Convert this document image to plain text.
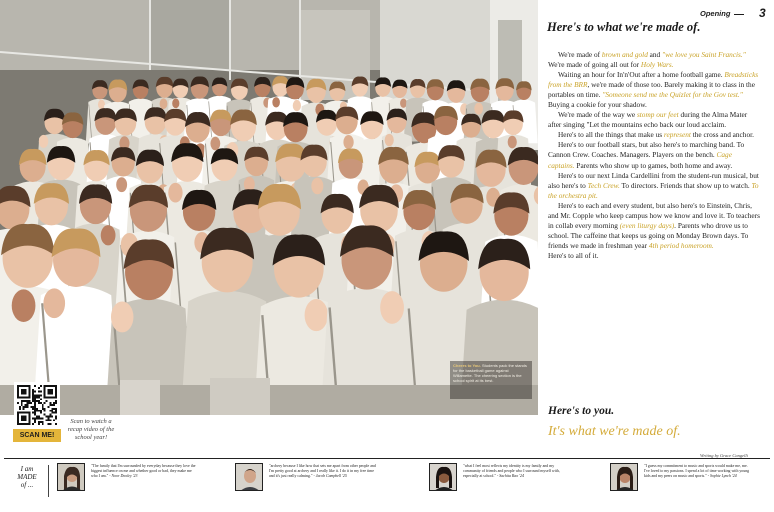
Cheers to You. Students pack the stands for the basketball game against Willamette. The cheering section is the school spirit at its best.
SCAN ME!
Scan to watch a recap video of the school year!
Opening	3
Here's to what we're made of.

We're made of brown and gold and "we love you Saint Francis." We're made of going all out for Holy Wars.

Waiting an hour for In'n'Out after a home football game. Breadsticks from the BRR, we're made of those too. Barely making it to class in the portables on time. "Someone send me the Quizlet for the Gov test." Buying a cookie for your shadow.

We're made of the way we stomp our feet during the Alma Mater after singing "Let the mountains echo back our loud acclaim.

Here's to all the things that make us represent the cross and anchor.

Here's to our football stars, but also here's to marching band. To Cannon Crew. Coaches. Managers. Players on the bench. Cage captains. Parents who show up to games, both home and away.

Here's to our next Linda Cardellini from the student-run musical, but also here's to Tech Crew. To directors. Friends that show up to watch. To the orchestra pit.

Here's to each and every student, but also here's to Einstein, Chris, and Mr. Copple who keep campus how we know and love it. To teachers in collab every morning (even liturgy days). Parents who drove us to school. The caffeine that keeps us going on Monday Brown days. To friends we made in freshman year 4th period homeroom.

Here's to all of it.

Here's to you.
It's what we're made of.
Writing by Grace Cangelli
I am
MADE
of ...
"The family that I'm surrounded by everyday because they love the biggest influence on me and whether good or bad, they make me who I am." - Noor Dooley '23
"archery because I like how that sets me apart from other people and I'm pretty good at archery and I really like it. I do it in my free time and it's just really calming." - Jacob Campbell '25
"what I feel most reflects my identity is my family and my community of friends and people who I surround myself with, especially at school." - Sachita Rao '24
"I guess my commitment to music and sports would make me, me. I've loved to my passions. I spend a lot of time working with young kids and my peers on music and sports." - Sophie Lynch '24
